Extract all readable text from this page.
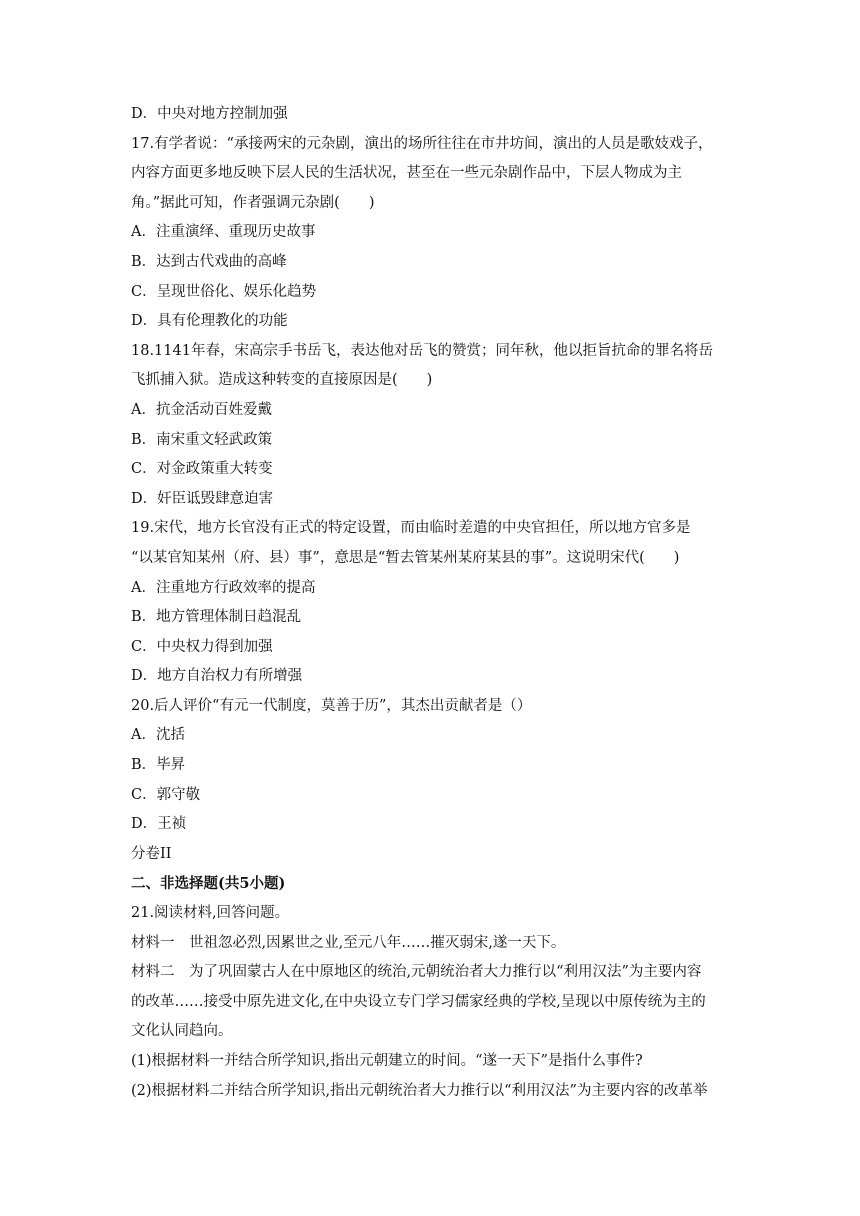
D．中央对地方控制加强
17.有学者说：“承接两宋的元杂剧，演出的场所往往在市井坊间，演出的人员是歌妓戏子，
内容方面更多地反映下层人民的生活状况，甚至在一些元杂剧作品中，下层人物成为主
角。”据此可知，作者强调元杂剧(　　)
A．注重演绎、重现历史故事
B．达到古代戏曲的高峰
C．呈现世俗化、娱乐化趋势
D．具有伦理教化的功能
18.1141年春，宋高宗手书岳飞，表达他对岳飞的赞赏；同年秋，他以拒旨抗命的罪名将岳
飞抓捕入狱。造成这种转变的直接原因是(　　)
A．抗金活动百姓爱戴
B．南宋重文轻武政策
C．对金政策重大转变
D．奸臣诋毁肆意迫害
19.宋代，地方长官没有正式的特定设置，而由临时差遣的中央官担任，所以地方官多是
“以某官知某州（府、县）事”，意思是“暂去管某州某府某县的事”。这说明宋代(　　)
A．注重地方行政效率的提高
B．地方管理体制日趋混乱
C．中央权力得到加强
D．地方自治权力有所增强
20.后人评价“有元一代制度，莫善于历”，其杰出贡献者是（）
A．沈括
B．毕昇
C．郭守敬
D．王祯
分卷II
二、非选择题(共5小题)
21.阅读材料,回答问题。
材料一　世祖忽必烈,因累世之业,至元八年……摧灭弱宋,遂一天下。
材料二　为了巩固蒙古人在中原地区的统治,元朝统治者大力推行以“利用汉法”为主要内容
的改革……接受中原先进文化,在中央设立专门学习儒家经典的学校,呈现以中原传统为主的
文化认同趋向。
(1)根据材料一并结合所学知识,指出元朝建立的时间。“遂一天下”是指什么事件?
(2)根据材料二并结合所学知识,指出元朝统治者大力推行以“利用汉法”为主要内容的改革举
